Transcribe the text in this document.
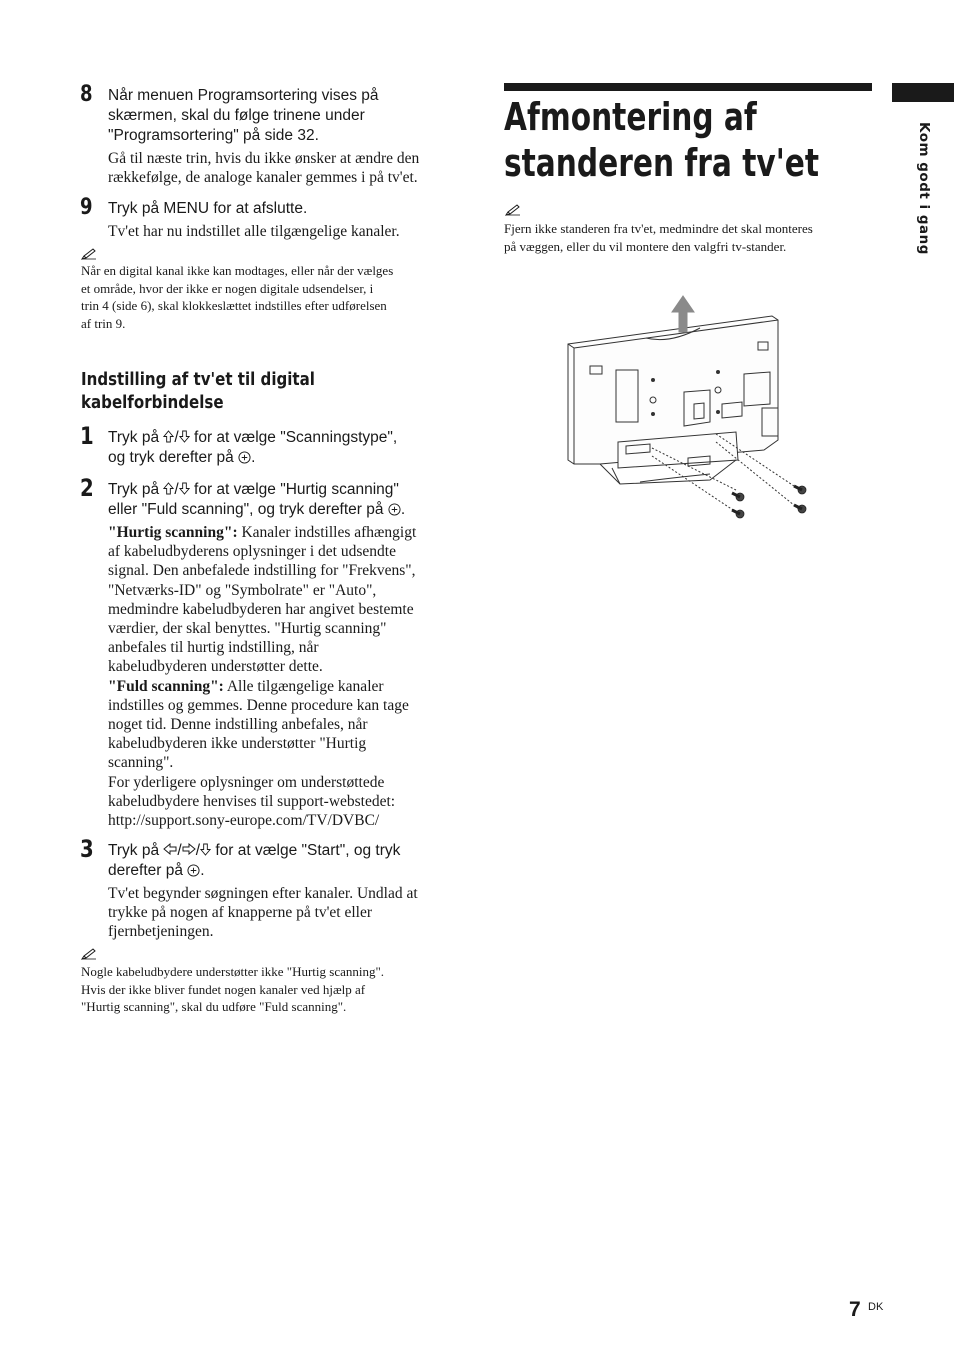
8 Når menuen Programsortering vises på
skærmen, skal du følge trinene under
"Programsortering" på side 32.
Gå til næste trin, hvis du ikke ønsker at ændre den
rækkefølge, de analoge kanaler gemmes i på tv'et.
9 Tryk på MENU for at afslutte.
Tv'et har nu indstillet alle tilgængelige kanaler.
Når en digital kanal ikke kan modtages, eller når der vælges
et område, hvor der ikke er nogen digitale udsendelser, i
trin 4 (side 6), skal klokkeslættet indstilles efter udførelsen
af trin 9.
Indstilling af tv'et til digital
kabelforbindelse
1 Tryk på / for at vælge "Scanningstype",
og tryk derefter på .
2 Tryk på / for at vælge "Hurtig scanning"
eller "Fuld scanning", og tryk derefter på .
"Hurtig scanning": Kanaler indstilles afhængigt
af kabeludbyderens oplysninger i det udsendte
signal. Den anbefalede indstilling for "Frekvens",
"Netværks-ID" og "Symbolrate" er "Auto",
medmindre kabeludbyderen har angivet bestemte
værdier, der skal benyttes. "Hurtig scanning"
anbefales til hurtig indstilling, når
kabeludbyderen understøtter dette.
"Fuld scanning": Alle tilgængelige kanaler
indstilles og gemmes. Denne procedure kan tage
noget tid. Denne indstilling anbefales, når
kabeludbyderen ikke understøtter "Hurtig
scanning".
For yderligere oplysninger om understøttede
kabeludbydere henvises til support-webstedet:
http://support.sony-europe.com/TV/DVBC/
3 Tryk på / / for at vælge "Start", og tryk
derefter på .
Tv'et begynder søgningen efter kanaler. Undlad at
trykke på nogen af knapperne på tv'et eller
fjernbetjeningen.
Nogle kabeludbydere understøtter ikke "Hurtig scanning".
Hvis der ikke bliver fundet nogen kanaler ved hjælp af
"Hurtig scanning", skal du udføre "Fuld scanning".
Afmontering af
standeren fra tv'et
Fjern ikke standeren fra tv'et, medmindre det skal monteres
på væggen, eller du vil montere den valgfri tv-stander.	Kom godt i gang
7 DK
